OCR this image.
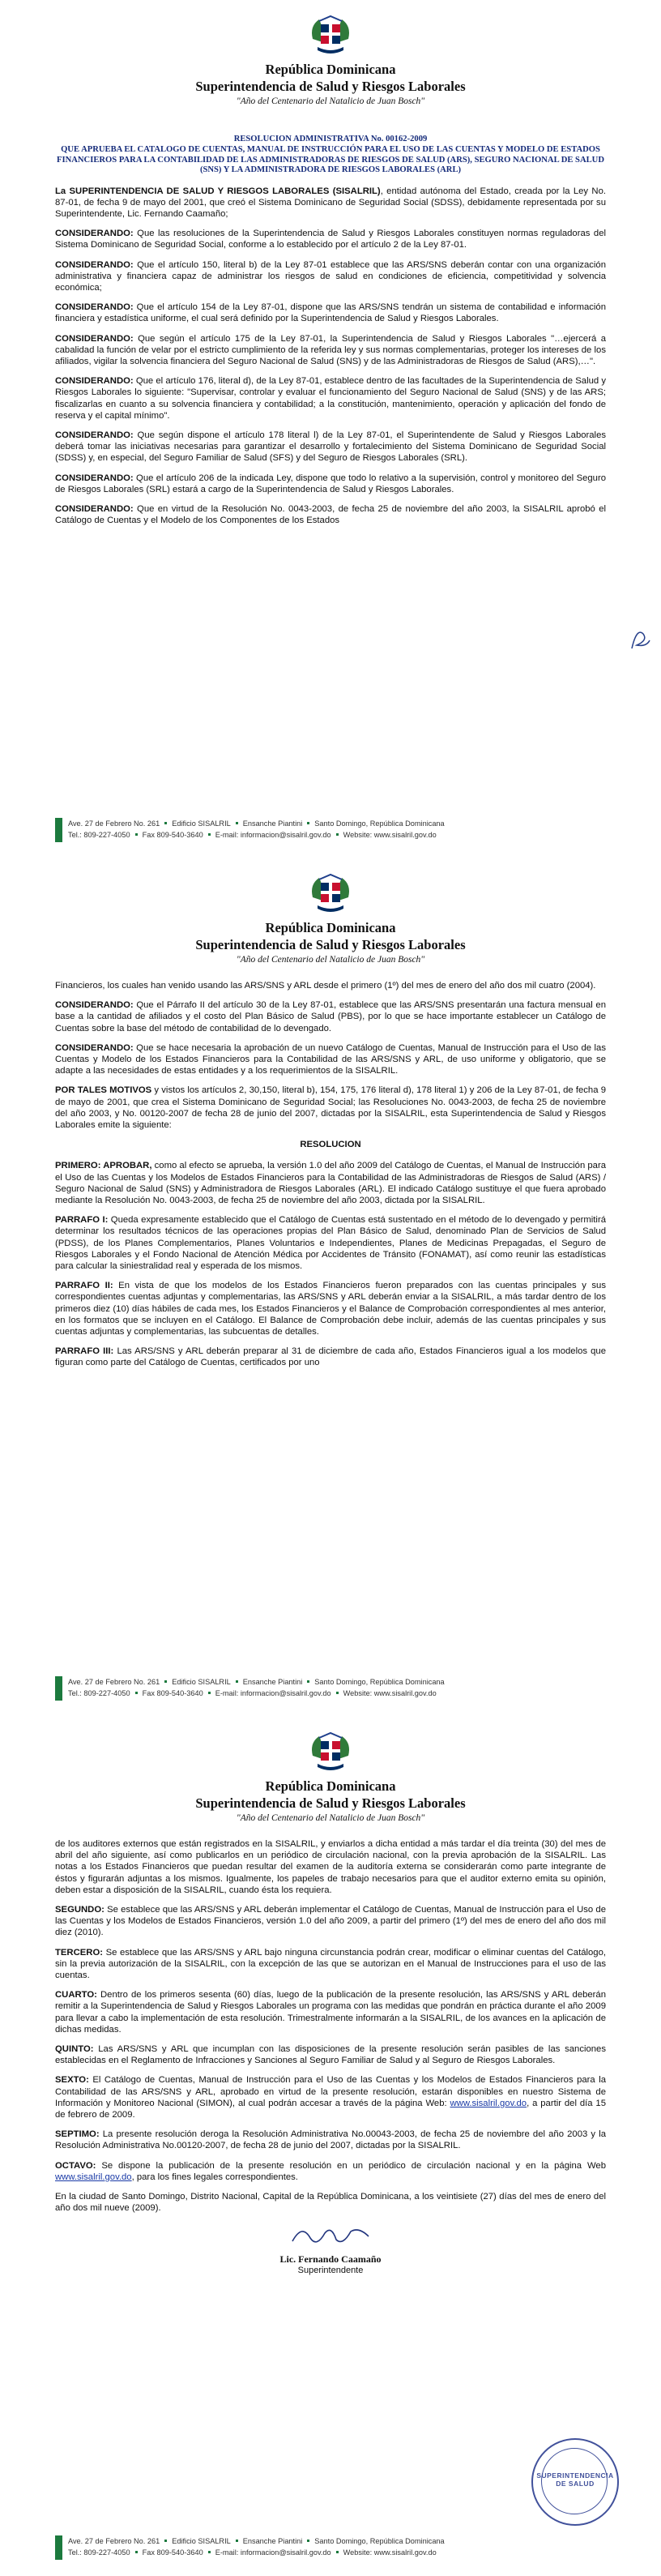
República Dominicana
Superintendencia de Salud y Riesgos Laborales
"Año del Centenario del Natalicio de Juan Bosch"
RESOLUCION ADMINISTRATIVA No. 00162-2009
QUE APRUEBA EL CATALOGO DE CUENTAS, MANUAL DE INSTRUCCIÓN PARA EL USO DE LAS CUENTAS Y MODELO DE ESTADOS FINANCIEROS PARA LA CONTABILIDAD DE LAS ADMINISTRADORAS DE RIESGOS DE SALUD (ARS), SEGURO NACIONAL DE SALUD (SNS) Y LA ADMINISTRADORA DE RIESGOS LABORALES (ARL)

La SUPERINTENDENCIA DE SALUD Y RIESGOS LABORALES (SISALRIL), entidad autónoma del Estado, creada por la Ley No. 87-01, de fecha 9 de mayo del 2001, que creó el Sistema Dominicano de Seguridad Social (SDSS), debidamente representada por su Superintendente, Lic. Fernando Caamaño;

CONSIDERANDO: Que las resoluciones de la Superintendencia de Salud y Riesgos Laborales constituyen normas reguladoras del Sistema Dominicano de Seguridad Social, conforme a lo establecido por el artículo 2 de la Ley 87-01.

CONSIDERANDO: Que el artículo 150, literal b) de la Ley 87-01 establece que las ARS/SNS deberán contar con una organización administrativa y financiera capaz de administrar los riesgos de salud en condiciones de eficiencia, competitividad y solvencia económica;

CONSIDERANDO: Que el artículo 154 de la Ley 87-01, dispone que las ARS/SNS tendrán un sistema de contabilidad e información financiera y estadística uniforme, el cual será definido por la Superintendencia de Salud y Riesgos Laborales.

CONSIDERANDO: Que según el artículo 175 de la Ley 87-01, la Superintendencia de Salud y Riesgos Laborales "…ejercerá a cabalidad la función de velar por el estricto cumplimiento de la referida ley y sus normas complementarias, proteger los intereses de los afiliados, vigilar la solvencia financiera del Seguro Nacional de Salud (SNS) y de las Administradoras de Riesgos de Salud (ARS),…".

CONSIDERANDO: Que el artículo 176, literal d), de la Ley 87-01, establece dentro de las facultades de la Superintendencia de Salud y Riesgos Laborales lo siguiente: "Supervisar, controlar y evaluar el funcionamiento del Seguro Nacional de Salud (SNS) y de las ARS; fiscalizarlas en cuanto a su solvencia financiera y contabilidad; a la constitución, mantenimiento, operación y aplicación del fondo de reserva y el capital mínimo".

CONSIDERANDO: Que según dispone el artículo 178 literal l) de la Ley 87-01, el Superintendente de Salud y Riesgos Laborales deberá tomar las iniciativas necesarias para garantizar el desarrollo y fortalecimiento del Sistema Dominicano de Seguridad Social (SDSS) y, en especial, del Seguro Familiar de Salud (SFS) y del Seguro de Riesgos Laborales (SRL).

CONSIDERANDO: Que el artículo 206 de la indicada Ley, dispone que todo lo relativo a la supervisión, control y monitoreo del Seguro de Riesgos Laborales (SRL) estará a cargo de la Superintendencia de Salud y Riesgos Laborales.

CONSIDERANDO: Que en virtud de la Resolución No. 0043-2003, de fecha 25 de noviembre del año 2003, la SISALRIL aprobó el Catálogo de Cuentas y el Modelo de los Componentes de los Estados

Ave. 27 de Febrero No. 261 Edificio SISALRIL Ensanche Piantini Santo Domingo, República Dominicana
Tel.: 809-227-4050 Fax 809-540-3640 E-mail: informacion@sisalril.gov.do Website: www.sisalril.gov.do
República Dominicana
Superintendencia de Salud y Riesgos Laborales
"Año del Centenario del Natalicio de Juan Bosch"

Financieros, los cuales han venido usando las ARS/SNS y ARL desde el primero (1º) del mes de enero del año dos mil cuatro (2004).

CONSIDERANDO: Que el Párrafo II del artículo 30 de la Ley 87-01, establece que las ARS/SNS presentarán una factura mensual en base a la cantidad de afiliados y el costo del Plan Básico de Salud (PBS), por lo que se hace importante establecer un Catálogo de Cuentas sobre la base del método de contabilidad de lo devengado.

CONSIDERANDO: Que se hace necesaria la aprobación de un nuevo Catálogo de Cuentas, Manual de Instrucción para el Uso de las Cuentas y Modelo de los Estados Financieros para la Contabilidad de las ARS/SNS y ARL, de uso uniforme y obligatorio, que se adapte a las necesidades de estas entidades y a los requerimientos de la SISALRIL.

POR TALES MOTIVOS y vistos los artículos 2, 30,150, literal b), 154, 175, 176 literal d), 178 literal 1) y 206 de la Ley 87-01, de fecha 9 de mayo de 2001, que crea el Sistema Dominicano de Seguridad Social; las Resoluciones No. 0043-2003, de fecha 25 de noviembre del año 2003, y No. 00120-2007 de fecha 28 de junio del 2007, dictadas por la SISALRIL, esta Superintendencia de Salud y Riesgos Laborales emite la siguiente:

RESOLUCION

PRIMERO: APROBAR, como al efecto se aprueba, la versión 1.0 del año 2009 del Catálogo de Cuentas, el Manual de Instrucción para el Uso de las Cuentas y los Modelos de Estados Financieros para la Contabilidad de las Administradoras de Riesgos de Salud (ARS) / Seguro Nacional de Salud (SNS) y Administradora de Riesgos Laborales (ARL). El indicado Catálogo sustituye el que fuera aprobado mediante la Resolución No. 0043-2003, de fecha 25 de noviembre del año 2003, dictada por la SISALRIL.

PARRAFO I: Queda expresamente establecido que el Catálogo de Cuentas está sustentado en el método de lo devengado y permitirá determinar los resultados técnicos de las operaciones propias del Plan Básico de Salud, denominado Plan de Servicios de Salud (PDSS), de los Planes Complementarios, Planes Voluntarios e Independientes, Planes de Medicinas Prepagadas, el Seguro de Riesgos Laborales y el Fondo Nacional de Atención Médica por Accidentes de Tránsito (FONAMAT), así como reunir las estadísticas para calcular la siniestralidad real y esperada de los mismos.

PARRAFO II: En vista de que los modelos de los Estados Financieros fueron preparados con las cuentas principales y sus correspondientes cuentas adjuntas y complementarias, las ARS/SNS y ARL deberán enviar a la SISALRIL, a más tardar dentro de los primeros diez (10) días hábiles de cada mes, los Estados Financieros y el Balance de Comprobación correspondientes al mes anterior, en los formatos que se incluyen en el Catálogo. El Balance de Comprobación debe incluir, además de las cuentas principales y sus cuentas adjuntas y complementarias, las subcuentas de detalles.

PARRAFO III: Las ARS/SNS y ARL deberán preparar al 31 de diciembre de cada año, Estados Financieros igual a los modelos que figuran como parte del Catálogo de Cuentas, certificados por uno

Ave. 27 de Febrero No. 261 Edificio SISALRIL Ensanche Piantini Santo Domingo, República Dominicana
Tel.: 809-227-4050 Fax 809-540-3640 E-mail: informacion@sisalril.gov.do Website: www.sisalril.gov.do
República Dominicana
Superintendencia de Salud y Riesgos Laborales
"Año del Centenario del Natalicio de Juan Bosch"

de los auditores externos que están registrados en la SISALRIL, y enviarlos a dicha entidad a más tardar el día treinta (30) del mes de abril del año siguiente, así como publicarlos en un periódico de circulación nacional, con la previa aprobación de la SISALRIL. Las notas a los Estados Financieros que puedan resultar del examen de la auditoría externa se considerarán como parte integrante de éstos y figurarán adjuntas a los mismos. Igualmente, los papeles de trabajo necesarios para que el auditor externo emita su opinión, deben estar a disposición de la SISALRIL, cuando ésta los requiera.

SEGUNDO: Se establece que las ARS/SNS y ARL deberán implementar el Catálogo de Cuentas, Manual de Instrucción para el Uso de las Cuentas y los Modelos de Estados Financieros, versión 1.0 del año 2009, a partir del primero (1º) del mes de enero del año dos mil diez (2010).

TERCERO: Se establece que las ARS/SNS y ARL bajo ninguna circunstancia podrán crear, modificar o eliminar cuentas del Catálogo, sin la previa autorización de la SISALRIL, con la excepción de las que se autorizan en el Manual de Instrucciones para el uso de las cuentas.

CUARTO: Dentro de los primeros sesenta (60) días, luego de la publicación de la presente resolución, las ARS/SNS y ARL deberán remitir a la Superintendencia de Salud y Riesgos Laborales un programa con las medidas que pondrán en práctica durante el año 2009 para llevar a cabo la implementación de esta resolución. Trimestralmente informarán a la SISALRIL, de los avances en la aplicación de dichas medidas.

QUINTO: Las ARS/SNS y ARL que incumplan con las disposiciones de la presente resolución serán pasibles de las sanciones establecidas en el Reglamento de Infracciones y Sanciones al Seguro Familiar de Salud y al Seguro de Riesgos Laborales.

SEXTO: El Catálogo de Cuentas, Manual de Instrucción para el Uso de las Cuentas y los Modelos de Estados Financieros para la Contabilidad de las ARS/SNS y ARL, aprobado en virtud de la presente resolución, estarán disponibles en nuestro Sistema de Información y Monitoreo Nacional (SIMON), al cual podrán accesar a través de la página Web: www.sisalril.gov.do, a partir del día 15 de febrero de 2009.

SEPTIMO: La presente resolución deroga la Resolución Administrativa No.00043-2003, de fecha 25 de noviembre del año 2003 y la Resolución Administrativa No.00120-2007, de fecha 28 de junio del 2007, dictadas por la SISALRIL.

OCTAVO: Se dispone la publicación de la presente resolución en un periódico de circulación nacional y en la página Web www.sisalril.gov.do, para los fines legales correspondientes.

En la ciudad de Santo Domingo, Distrito Nacional, Capital de la República Dominicana, a los veintisiete (27) días del mes de enero del año dos mil nueve (2009).

Lic. Fernando Caamaño
Superintendente
SUPERINTENDENCIA DE SALUD
Ave. 27 de Febrero No. 261 Edificio SISALRIL Ensanche Piantini Santo Domingo, República Dominicana
Tel.: 809-227-4050 Fax 809-540-3640 E-mail: informacion@sisalril.gov.do Website: www.sisalril.gov.do
